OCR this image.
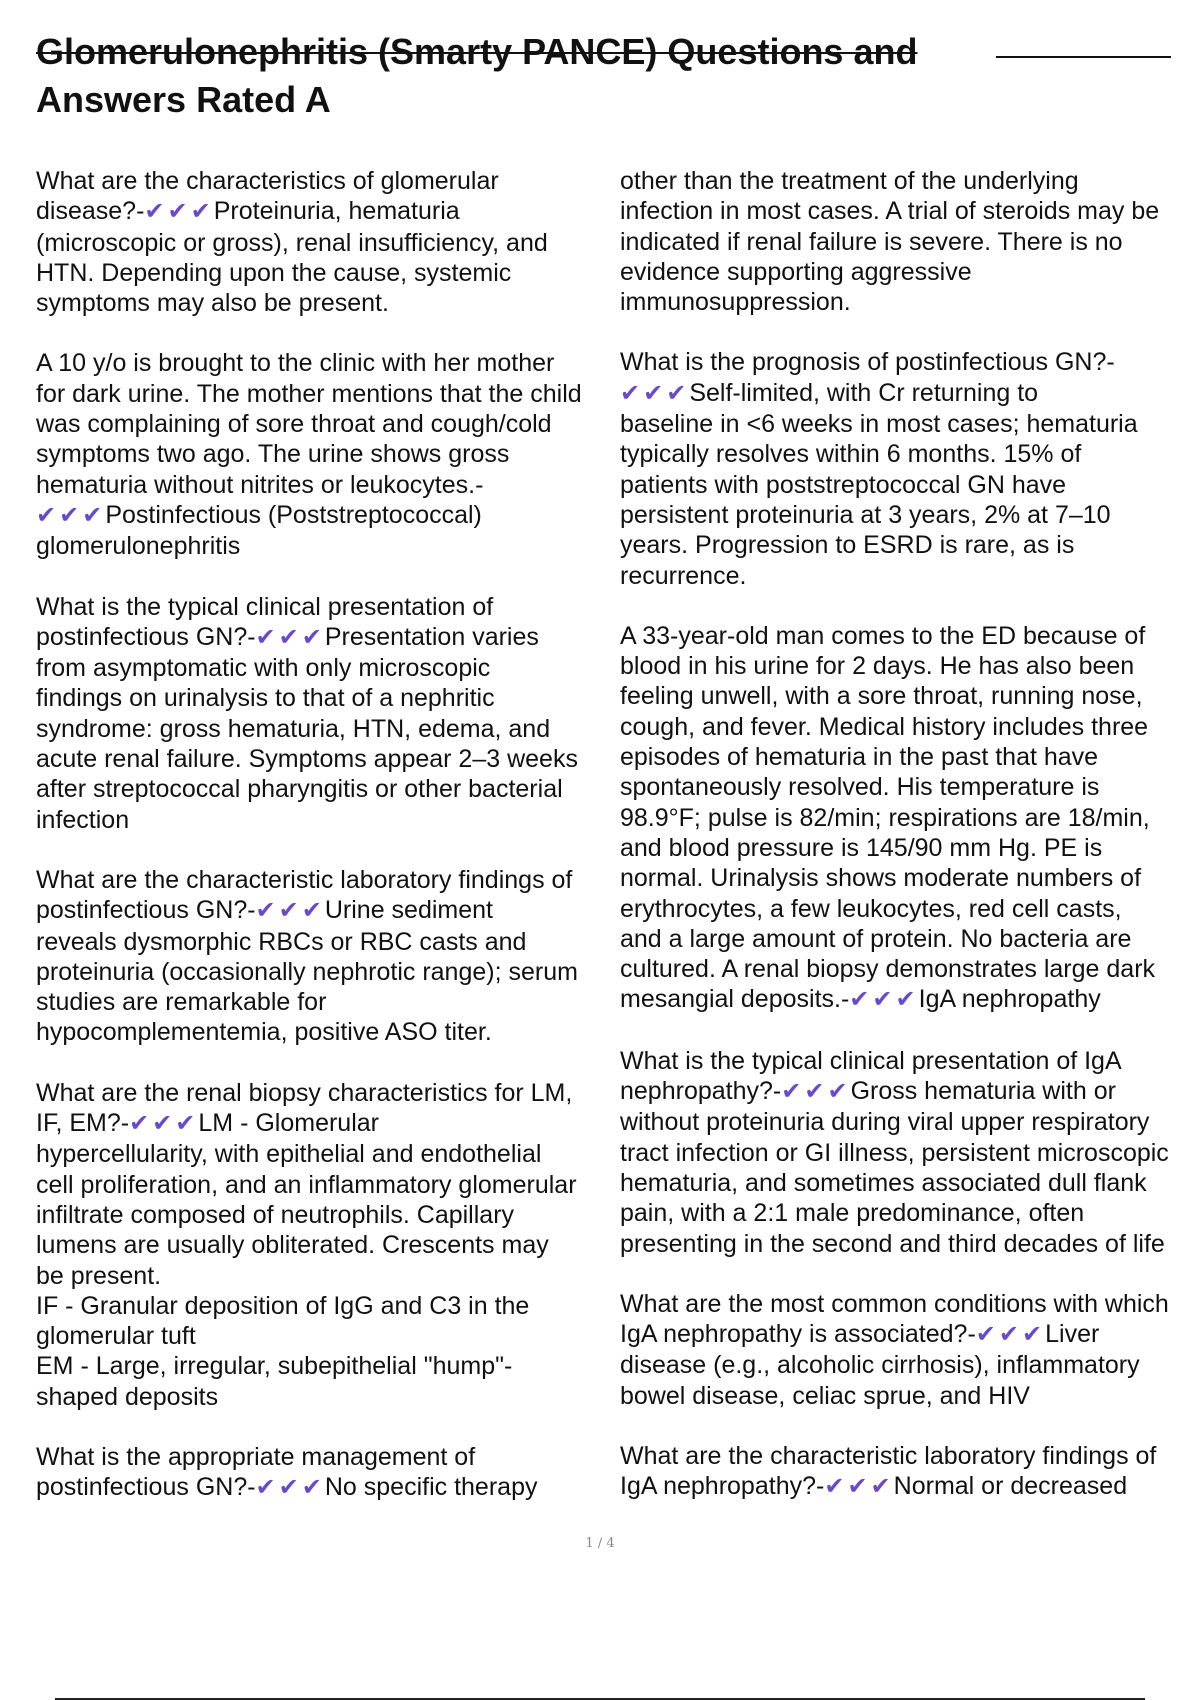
Glomerulonephritis (Smarty PANCE) Questions and

Answers Rated A

What are the characteristics of glomerular
disease?-✔✔✔Proteinuria, hematuria
(microscopic or gross), renal insufficiency, and
HTN. Depending upon the cause, systemic
symptoms may also be present.
A 10 y/o is brought to the clinic with her mother
for dark urine. The mother mentions that the child
was complaining of sore throat and cough/cold
symptoms two ago. The urine shows gross
hematuria without nitrites or leukocytes.-
✔✔✔Postinfectious (Poststreptococcal)
glomerulonephritis
What is the typical clinical presentation of
postinfectious GN?-✔✔✔Presentation varies
from asymptomatic with only microscopic
findings on urinalysis to that of a nephritic
syndrome: gross hematuria, HTN, edema, and
acute renal failure. Symptoms appear 2–3 weeks
after streptococcal pharyngitis or other bacterial
infection
What are the characteristic laboratory findings of
postinfectious GN?-✔✔✔Urine sediment
reveals dysmorphic RBCs or RBC casts and
proteinuria (occasionally nephrotic range); serum
studies are remarkable for
hypocomplementemia, positive ASO titer.
What are the renal biopsy characteristics for LM,
IF, EM?-✔✔✔LM - Glomerular
hypercellularity, with epithelial and endothelial
cell proliferation, and an inflammatory glomerular
infiltrate composed of neutrophils. Capillary
lumens are usually obliterated. Crescents may
be present.
IF - Granular deposition of IgG and C3 in the
glomerular tuft
EM - Large, irregular, subepithelial "hump"-
shaped deposits
What is the appropriate management of
postinfectious GN?-✔✔✔No specific therapy
other than the treatment of the underlying
infection in most cases. A trial of steroids may be
indicated if renal failure is severe. There is no
evidence supporting aggressive
immunosuppression.
What is the prognosis of postinfectious GN?-
✔✔✔Self-limited, with Cr returning to
baseline in <6 weeks in most cases; hematuria
typically resolves within 6 months. 15% of
patients with poststreptococcal GN have
persistent proteinuria at 3 years, 2% at 7–10
years. Progression to ESRD is rare, as is
recurrence.
A 33-year-old man comes to the ED because of
blood in his urine for 2 days. He has also been
feeling unwell, with a sore throat, running nose,
cough, and fever. Medical history includes three
episodes of hematuria in the past that have
spontaneously resolved. His temperature is
98.9°F; pulse is 82/min; respirations are 18/min,
and blood pressure is 145/90 mm Hg. PE is
normal. Urinalysis shows moderate numbers of
erythrocytes, a few leukocytes, red cell casts,
and a large amount of protein. No bacteria are
cultured. A renal biopsy demonstrates large dark
mesangial deposits.-✔✔✔IgA nephropathy
What is the typical clinical presentation of IgA
nephropathy?-✔✔✔Gross hematuria with or
without proteinuria during viral upper respiratory
tract infection or GI illness, persistent microscopic
hematuria, and sometimes associated dull flank
pain, with a 2:1 male predominance, often
presenting in the second and third decades of life
What are the most common conditions with which
IgA nephropathy is associated?-✔✔✔Liver
disease (e.g., alcoholic cirrhosis), inflammatory
bowel disease, celiac sprue, and HIV
What are the characteristic laboratory findings of
IgA nephropathy?-✔✔✔Normal or decreased
1 / 4
